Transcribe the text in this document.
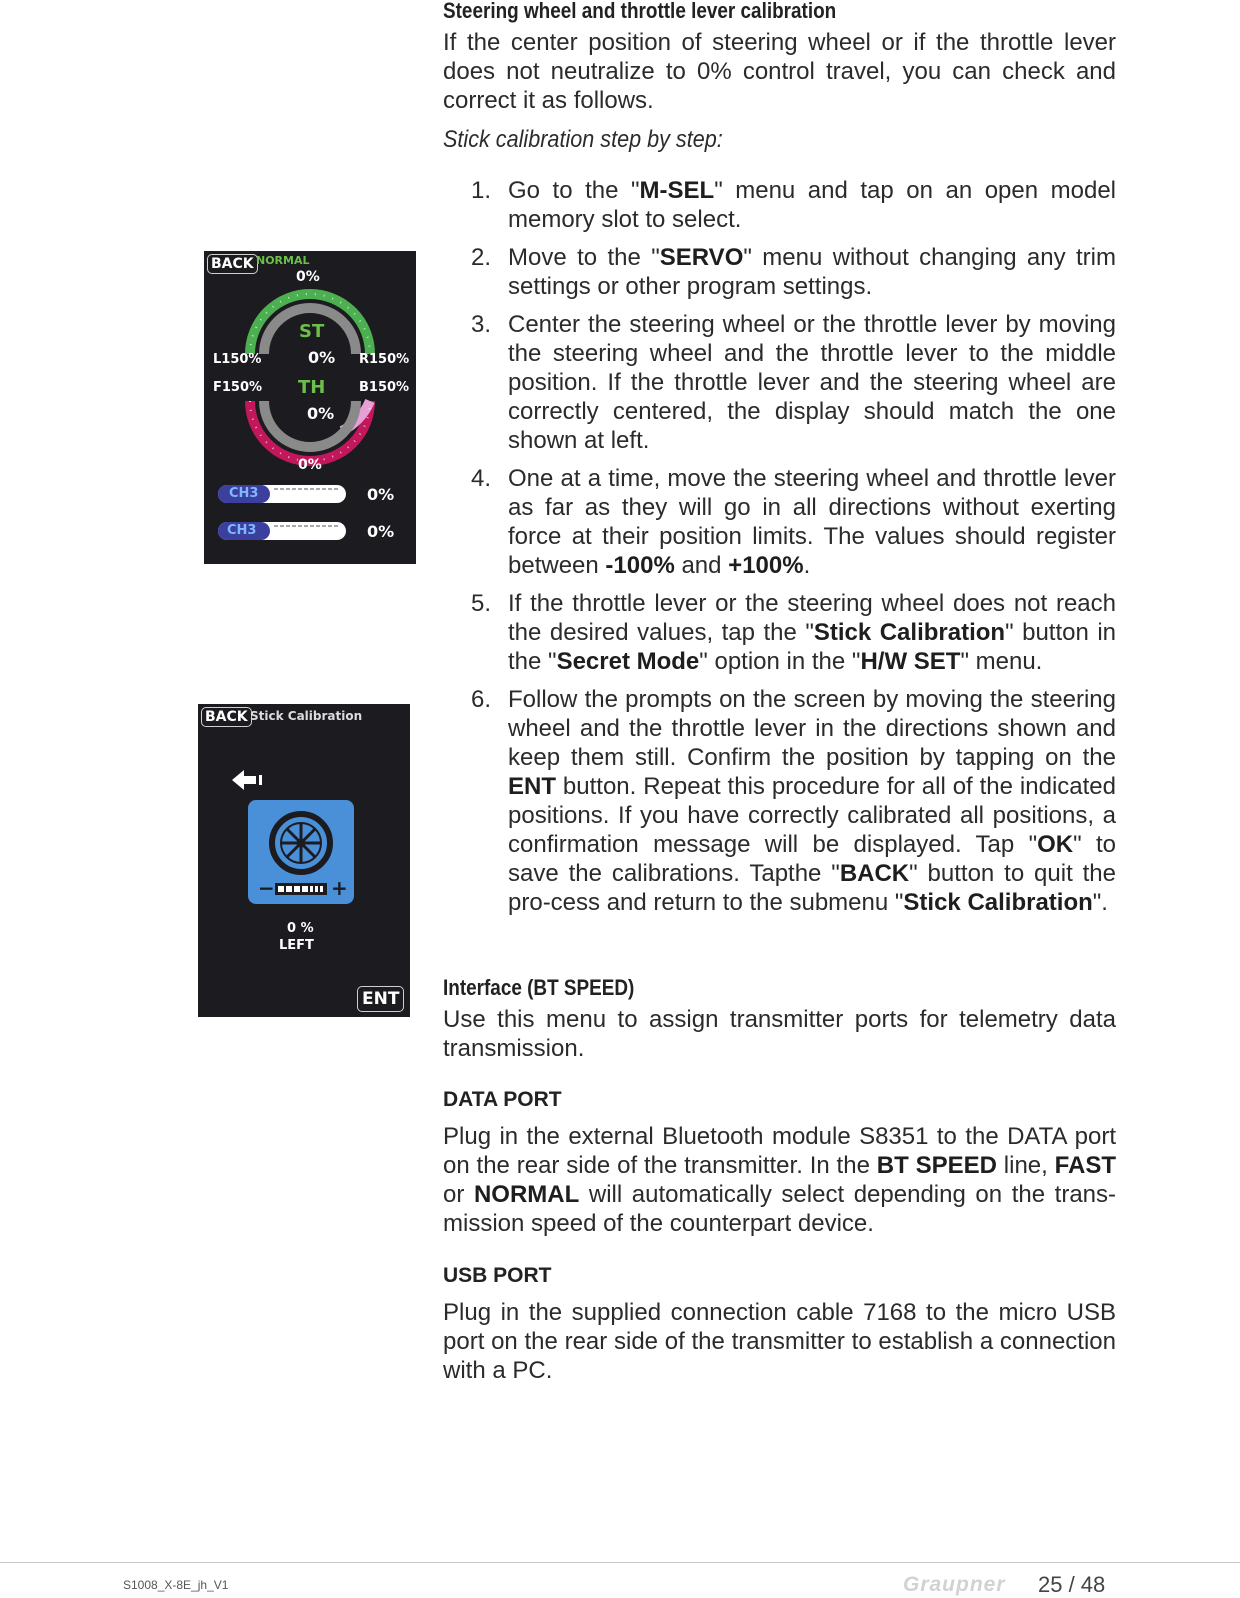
Steering wheel and throttle lever calibration

If the center position of steering wheel or if the throttle lever does not neutralize to 0% control travel, you can check and correct it as follows.

Stick calibration step by step:
1. Go to the "M-SEL" menu and tap on an open model memory slot to select.
2. Move to the "SERVO" menu without changing any trim settings or other program settings.
3. Center the steering wheel or the throttle lever by moving the steering wheel and the throttle lever to the middle position. If the throttle lever and the steering wheel are correctly centered, the display should match the one shown at left.
4. One at a time, move the steering wheel and throttle lever as far as they will go in all directions without exerting force at their position limits. The values should register between -100% and +100%.
5. If the throttle lever or the steering wheel does not reach the desired values, tap the "Stick Calibration" button in the "Secret Mode" option in the "H/W SET" menu.
6. Follow the prompts on the screen by moving the steering wheel and the throttle lever in the directions shown and keep them still. Confirm the position by tapping on the ENT button. Repeat this procedure for all of the indicated positions. If you have correctly calibrated all positions, a confirmation message will be displayed. Tap "OK" to save the calibrations. Tapthe "BACK" button to quit the pro-cess and return to the submenu "Stick Calibration".
Interface (BT SPEED)

Use this menu to assign transmitter ports for telemetry data transmission.

DATA PORT

Plug in the external Bluetooth module S8351 to the DATA port on the rear side of the transmitter. In the BT SPEED line, FAST or NORMAL will automatically select depending on the trans-mission speed of the counterpart device.

USB PORT

Plug in the supplied connection cable 7168 to the micro USB port on the rear side of the transmitter to establish a connection with a PC.

BACK NORMAL
0%
ST
0%
L150%	R150%
F150%	B150%
TH
0%
0%
CH3	0%
CH3	0%
BACK Stick Calibration
−	+
0 %
LEFT
ENT
S1008_X-8E_jh_V1	Graupner 25 / 48
